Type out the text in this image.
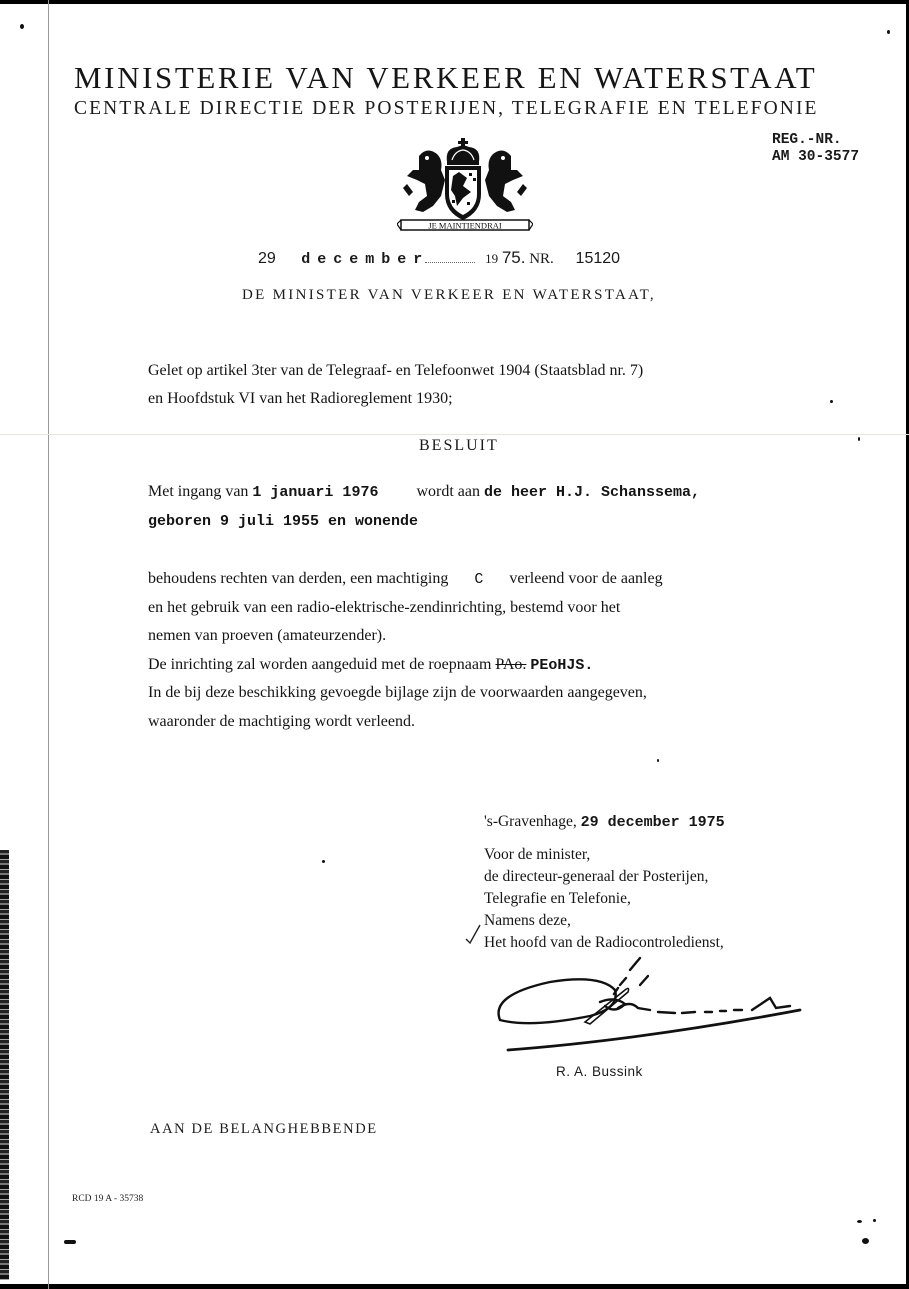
MINISTERIE VAN VERKEER EN WATERSTAAT
CENTRALE DIRECTIE DER POSTERIJEN, TELEGRAFIE EN TELEFONIE
REG.-NR.
AM 30-3577
JE MAINTIENDRAI
29 december	19 75. NR. 15120
DE MINISTER VAN VERKEER EN WATERSTAAT,
Gelet op artikel 3ter van de Telegraaf- en Telefoonwet 1904 (Staatsblad nr. 7)
en Hoofdstuk VI van het Radioreglement 1930;
BESLUIT
Met ingang van 1 januari 1976 wordt aan de heer H.J. Schanssema,
geboren 9 juli 1955 en wonende
behoudens rechten van derden, een machtiging C verleend voor de aanleg
en het gebruik van een radio-elektrische-zendinrichting, bestemd voor het
nemen van proeven (amateurzender).
De inrichting zal worden aangeduid met de roepnaam PAo. PEoHJS.
In de bij deze beschikking gevoegde bijlage zijn de voorwaarden aangegeven,
waaronder de machtiging wordt verleend.
's-Gravenhage, 29 december 1975
Voor de minister,
de directeur-generaal der Posterijen,
Telegrafie en Telefonie,
Namens deze,
Het hoofd van de Radiocontroledienst,
R. A. Bussink
AAN DE BELANGHEBBENDE
RCD 19 A - 35738
